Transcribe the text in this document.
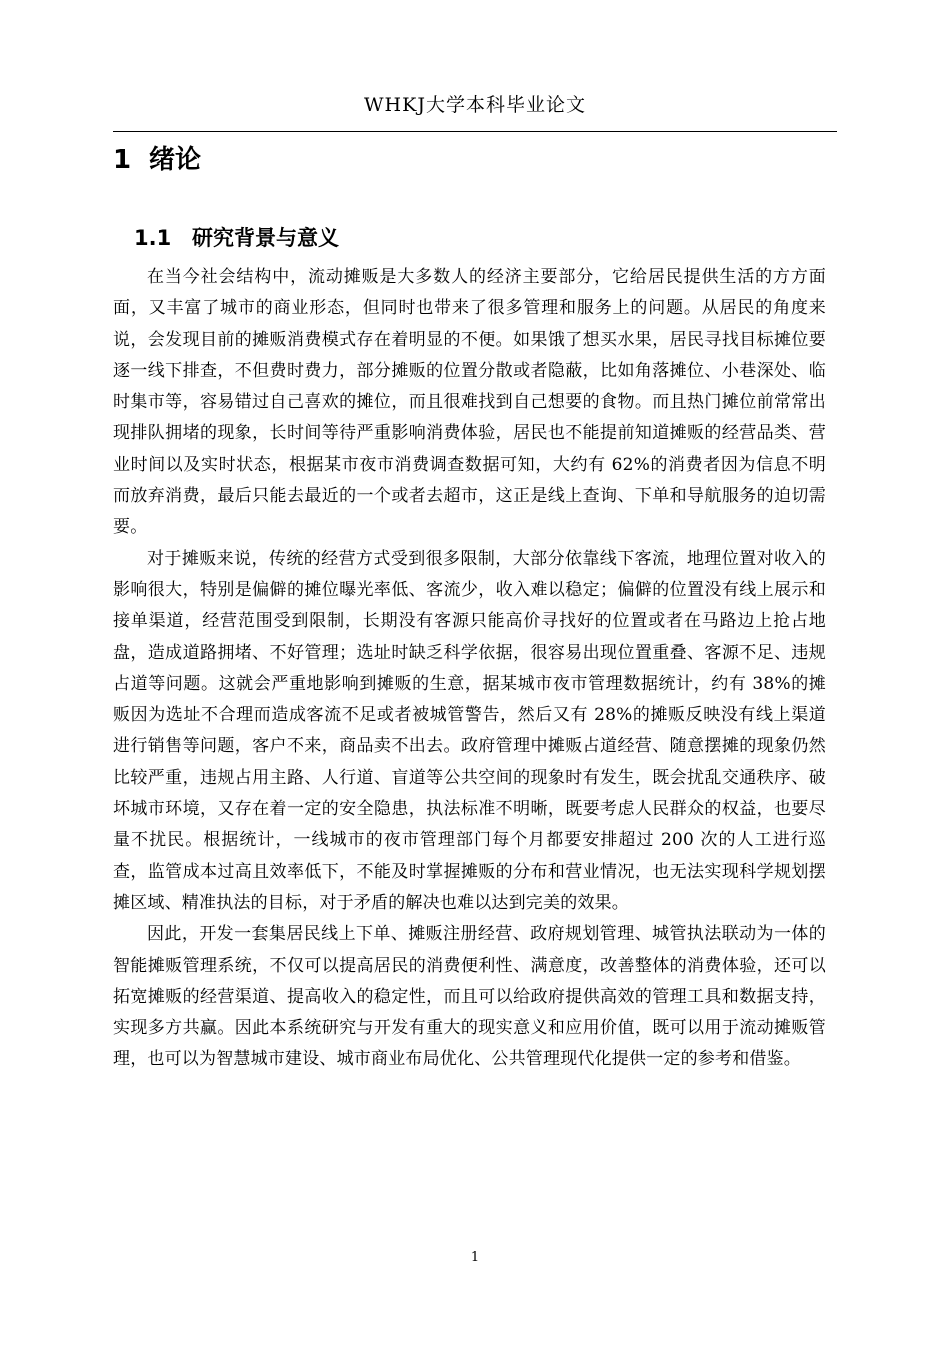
WHKJ大学本科毕业论文
1 绪论
1.1 研究背景与意义

在当今社会结构中，流动摊贩是大多数人的经济主要部分，它给居民提供生活的方方面面，又丰富了城市的商业形态，但同时也带来了很多管理和服务上的问题。从居民的角度来说，会发现目前的摊贩消费模式存在着明显的不便。如果饿了想买水果，居民寻找目标摊位要逐一线下排查，不但费时费力，部分摊贩的位置分散或者隐蔽，比如角落摊位、小巷深处、临时集市等，容易错过自己喜欢的摊位，而且很难找到自己想要的食物。而且热门摊位前常常出现排队拥堵的现象，长时间等待严重影响消费体验，居民也不能提前知道摊贩的经营品类、营业时间以及实时状态，根据某市夜市消费调查数据可知，大约有 62%的消费者因为信息不明而放弃消费，最后只能去最近的一个或者去超市，这正是线上查询、下单和导航服务的迫切需要。

对于摊贩来说，传统的经营方式受到很多限制，大部分依靠线下客流，地理位置对收入的影响很大，特别是偏僻的摊位曝光率低、客流少，收入难以稳定；偏僻的位置没有线上展示和接单渠道，经营范围受到限制，长期没有客源只能高价寻找好的位置或者在马路边上抢占地盘，造成道路拥堵、不好管理；选址时缺乏科学依据，很容易出现位置重叠、客源不足、违规占道等问题。这就会严重地影响到摊贩的生意，据某城市夜市管理数据统计，约有 38%的摊贩因为选址不合理而造成客流不足或者被城管警告，然后又有 28%的摊贩反映没有线上渠道进行销售等问题，客户不来，商品卖不出去。政府管理中摊贩占道经营、随意摆摊的现象仍然比较严重，违规占用主路、人行道、盲道等公共空间的现象时有发生，既会扰乱交通秩序、破坏城市环境，又存在着一定的安全隐患，执法标准不明晰，既要考虑人民群众的权益，也要尽量不扰民。根据统计，一线城市的夜市管理部门每个月都要安排超过 200 次的人工进行巡查，监管成本过高且效率低下，不能及时掌握摊贩的分布和营业情况，也无法实现科学规划摆摊区域、精准执法的目标，对于矛盾的解决也难以达到完美的效果。

因此，开发一套集居民线上下单、摊贩注册经营、政府规划管理、城管执法联动为一体的智能摊贩管理系统，不仅可以提高居民的消费便利性、满意度，改善整体的消费体验，还可以拓宽摊贩的经营渠道、提高收入的稳定性，而且可以给政府提供高效的管理工具和数据支持，实现多方共赢。因此本系统研究与开发有重大的现实意义和应用价值，既可以用于流动摊贩管理，也可以为智慧城市建设、城市商业布局优化、公共管理现代化提供一定的参考和借鉴。

1
